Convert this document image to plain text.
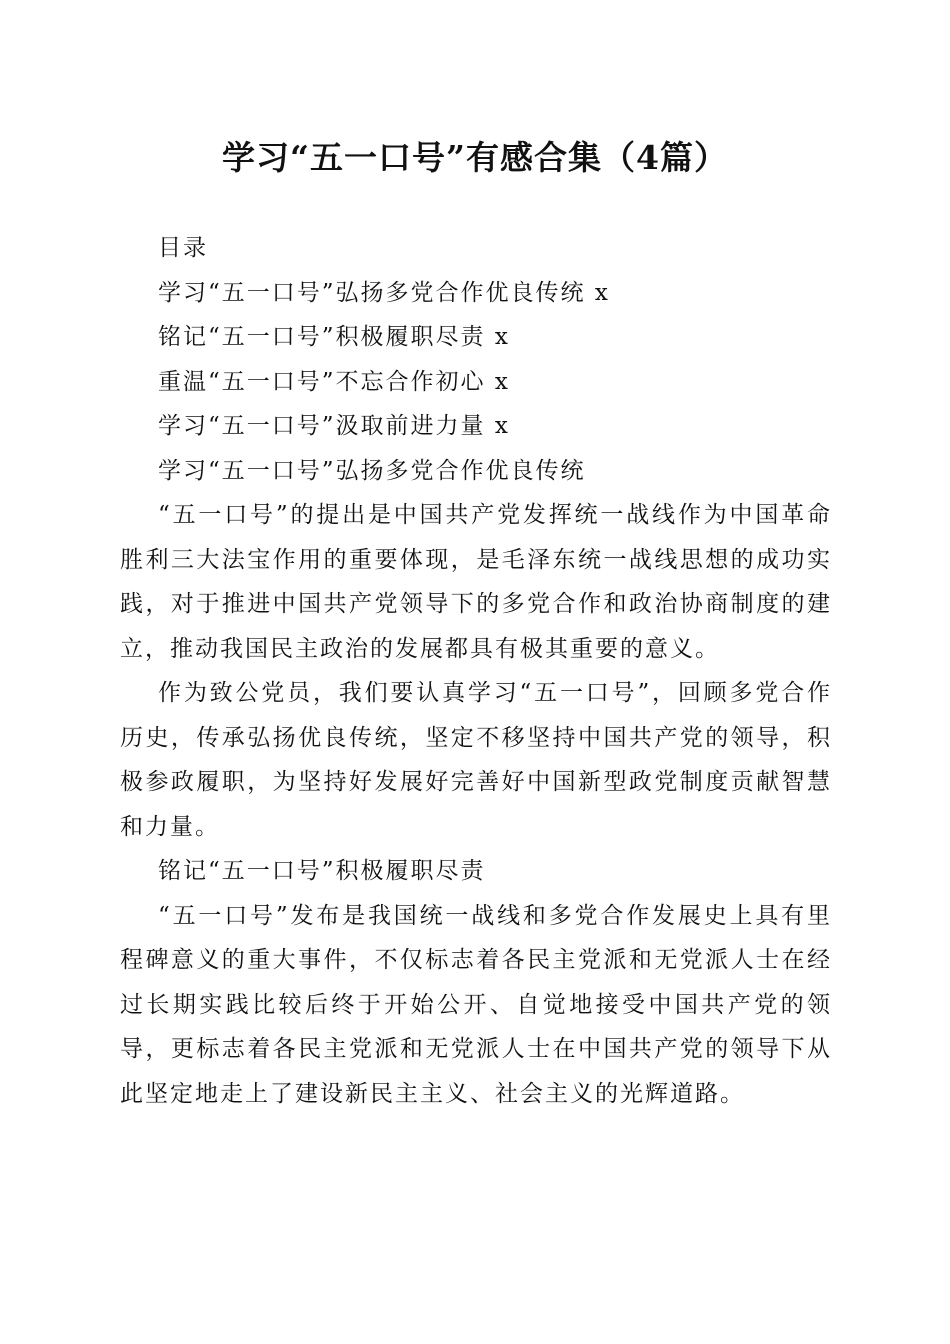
学习“五一口号”有感合集（4篇）

目录

学习“五一口号”弘扬多党合作优良传统 x

铭记“五一口号”积极履职尽责 x

重温“五一口号”不忘合作初心 x

学习“五一口号”汲取前进力量 x

学习“五一口号”弘扬多党合作优良传统

“五一口号”的提出是中国共产党发挥统一战线作为中国革命胜利三大法宝作用的重要体现，是毛泽东统一战线思想的成功实践，对于推进中国共产党领导下的多党合作和政治协商制度的建立，推动我国民主政治的发展都具有极其重要的意义。

作为致公党员，我们要认真学习“五一口号”，回顾多党合作历史，传承弘扬优良传统，坚定不移坚持中国共产党的领导，积极参政履职，为坚持好发展好完善好中国新型政党制度贡献智慧和力量。

铭记“五一口号”积极履职尽责

“五一口号”发布是我国统一战线和多党合作发展史上具有里程碑意义的重大事件，不仅标志着各民主党派和无党派人士在经过长期实践比较后终于开始公开、自觉地接受中国共产党的领导，更标志着各民主党派和无党派人士在中国共产党的领导下从此坚定地走上了建设新民主主义、社会主义的光辉道路。
